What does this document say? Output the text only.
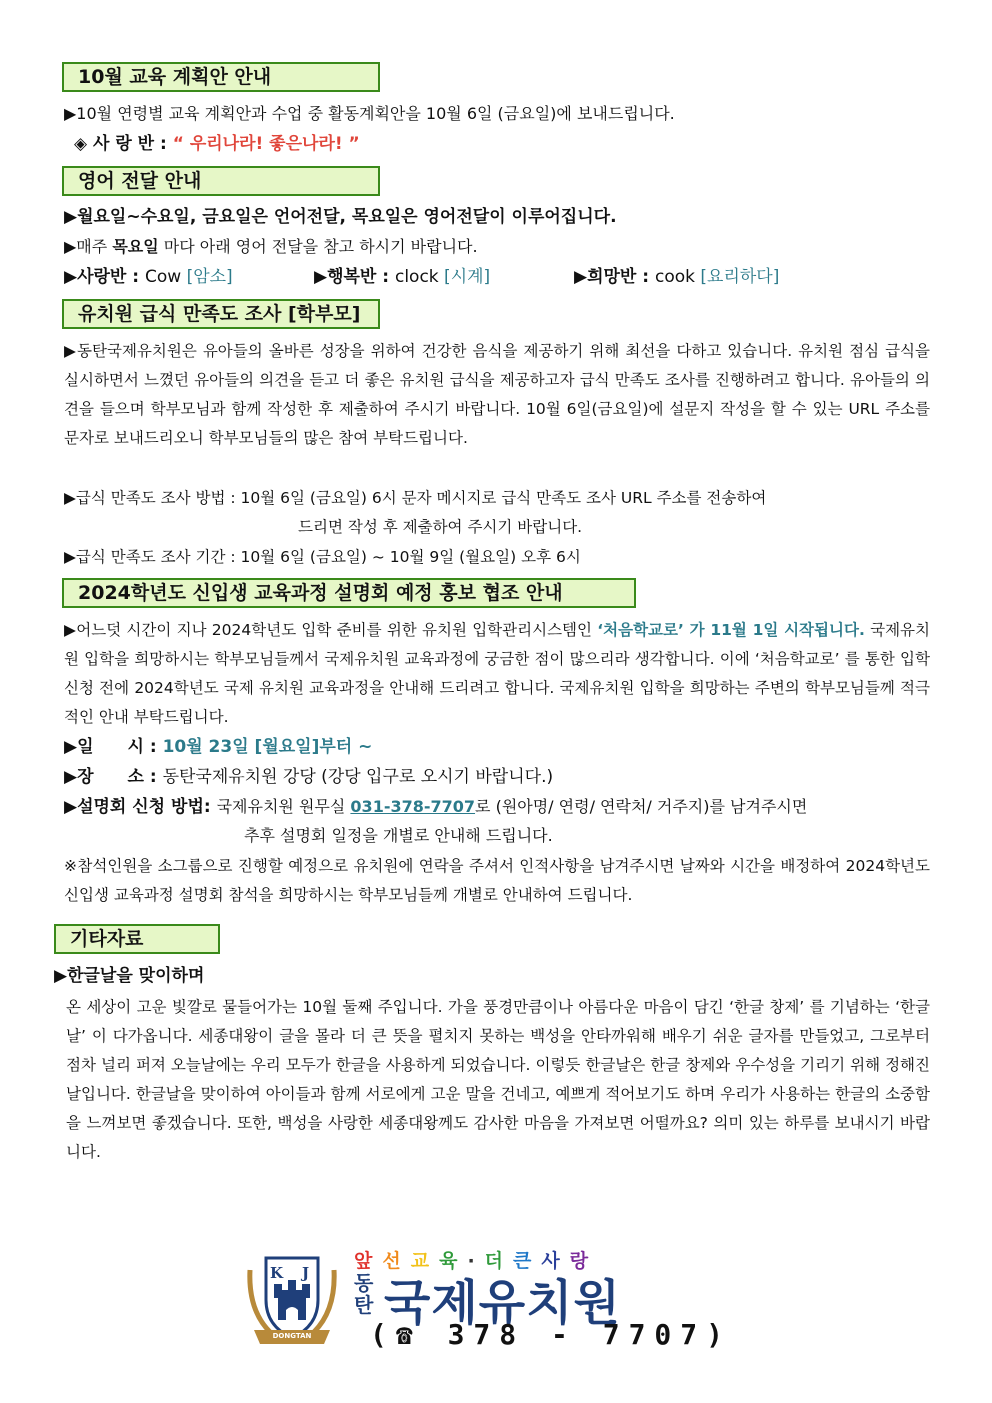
10월 교육 계획안 안내
▶10월 연령별 교육 계획안과 수업 중 활동계획안을 10월 6일 (금요일)에 보내드립니다.
◈ 사 랑 반 : “ 우리나라! 좋은나라! ”
영어 전달 안내
▶월요일~수요일, 금요일은 언어전달, 목요일은 영어전달이 이루어집니다.
▶매주 목요일 마다 아래 영어 전달을 참고 하시기 바랍니다.
▶사랑반 : Cow [암소]	▶행복반 : clock [시계]	▶희망반 : cook [요리하다]
유치원 급식 만족도 조사 [학부모]
▶동탄국제유치원은 유아들의 올바른 성장을 위하여 건강한 음식을 제공하기 위해 최선을 다하고 있습니다. 유치원 점심 급식을 실시하면서 느꼈던 유아들의 의견을 듣고 더 좋은 유치원 급식을 제공하고자 급식 만족도 조사를 진행하려고 합니다. 유아들의 의견을 들으며 학부모님과 함께 작성한 후 제출하여 주시기 바랍니다. 10월 6일(금요일)에 설문지 작성을 할 수 있는 URL 주소를 문자로 보내드리오니 학부모님들의 많은 참여 부탁드립니다.
▶급식 만족도 조사 방법 : 10월 6일 (금요일) 6시 문자 메시지로 급식 만족도 조사 URL 주소를 전송하여
드리면 작성 후 제출하여 주시기 바랍니다.
▶급식 만족도 조사 기간 : 10월 6일 (금요일) ~ 10월 9일 (월요일) 오후 6시
2024학년도 신입생 교육과정 설명회 예정 홍보 협조 안내
▶어느덧 시간이 지나 2024학년도 입학 준비를 위한 유치원 입학관리시스템인 ‘처음학교로’ 가 11월 1일 시작됩니다. 국제유치원 입학을 희망하시는 학부모님들께서 국제유치원 교육과정에 궁금한 점이 많으리라 생각합니다. 이에 ‘처음학교로’ 를 통한 입학 신청 전에 2024학년도 국제 유치원 교육과정을 안내해 드리려고 합니다. 국제유치원 입학을 희망하는 주변의 학부모님들께 적극적인 안내 부탁드립니다.
▶일　　시 : 10월 23일 [월요일]부터 ~
▶장　　소 : 동탄국제유치원 강당 (강당 입구로 오시기 바랍니다.)
▶설명회 신청 방법: 국제유치원 원무실 031-378-7707로 (원아명/ 연령/ 연락처/ 거주지)를 남겨주시면
추후 설명회 일정을 개별로 안내해 드립니다.
※참석인원을 소그룹으로 진행할 예정으로 유치원에 연락을 주셔서 인적사항을 남겨주시면 날짜와 시간을 배정하여 2024학년도 신입생 교육과정 설명회 참석을 희망하시는 학부모님들께 개별로 안내하여 드립니다.
기타자료
▶한글날을 맞이하며
온 세상이 고운 빛깔로 물들어가는 10월 둘째 주입니다. 가을 풍경만큼이나 아름다운 마음이 담긴 ‘한글 창제’ 를 기념하는 ‘한글날’ 이 다가옵니다. 세종대왕이 글을 몰라 더 큰 뜻을 펼치지 못하는 백성을 안타까워해 배우기 쉬운 글자를 만들었고, 그로부터 점차 널리 퍼져 오늘날에는 우리 모두가 한글을 사용하게 되었습니다. 이렇듯 한글날은 한글 창제와 우수성을 기리기 위해 정해진 날입니다. 한글날을 맞이하여 아이들과 함께 서로에게 고운 말을 건네고, 예쁘게 적어보기도 하며 우리가 사용하는 한글의 소중함을 느껴보면 좋겠습니다. 또한, 백성을 사랑한 세종대왕께도 감사한 마음을 가져보면 어떨까요? 의미 있는 하루를 보내시기 바랍니다.
K J
DONGTAN
앞선교육·더큰사랑
동
탄 국제유치원
(☎ 378 - 7707)
